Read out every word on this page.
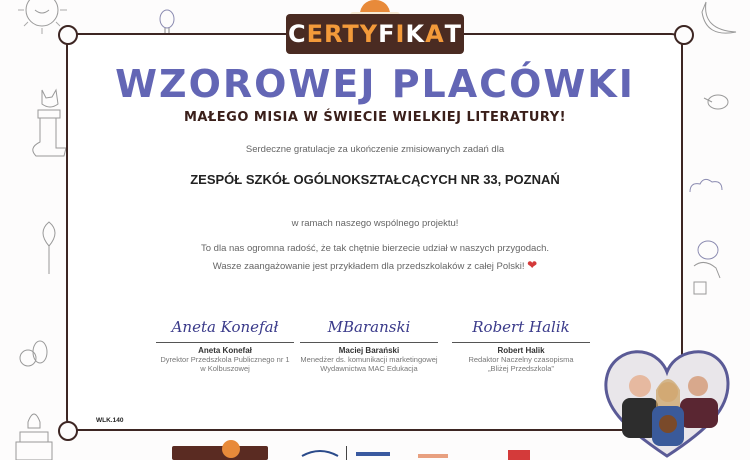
C ERTY F I K A T
WZOROWEJ PLACÓWKI
MAŁEGO MISIA W ŚWIECIE WIELKIEJ LITERATURY!
Serdeczne gratulacje za ukończenie zmisiowanych zadań dla
ZESPÓŁ SZKÓŁ OGÓLNOKSZTAŁCĄCYCH NR 33, POZNAŃ
w ramach naszego wspólnego projektu!
To dla nas ogromna radość, że tak chętnie bierzecie udział w naszych przygodach.
Wasze zaangażowanie jest przykładem dla przedszkolaków z całej Polski! ❤
Aneta Konefał
Aneta Konefał
Dyrektor Przedszkola Publicznego nr 1
w Kolbuszowej
MBaranski
Maciej Barański
Menedżer ds. komunikacji marketingowej
Wydawnictwa MAC Edukacja
Robert Halik
Robert Halik
Redaktor Naczelny czasopisma
„Bliżej Przedszkola”
WLK.140
